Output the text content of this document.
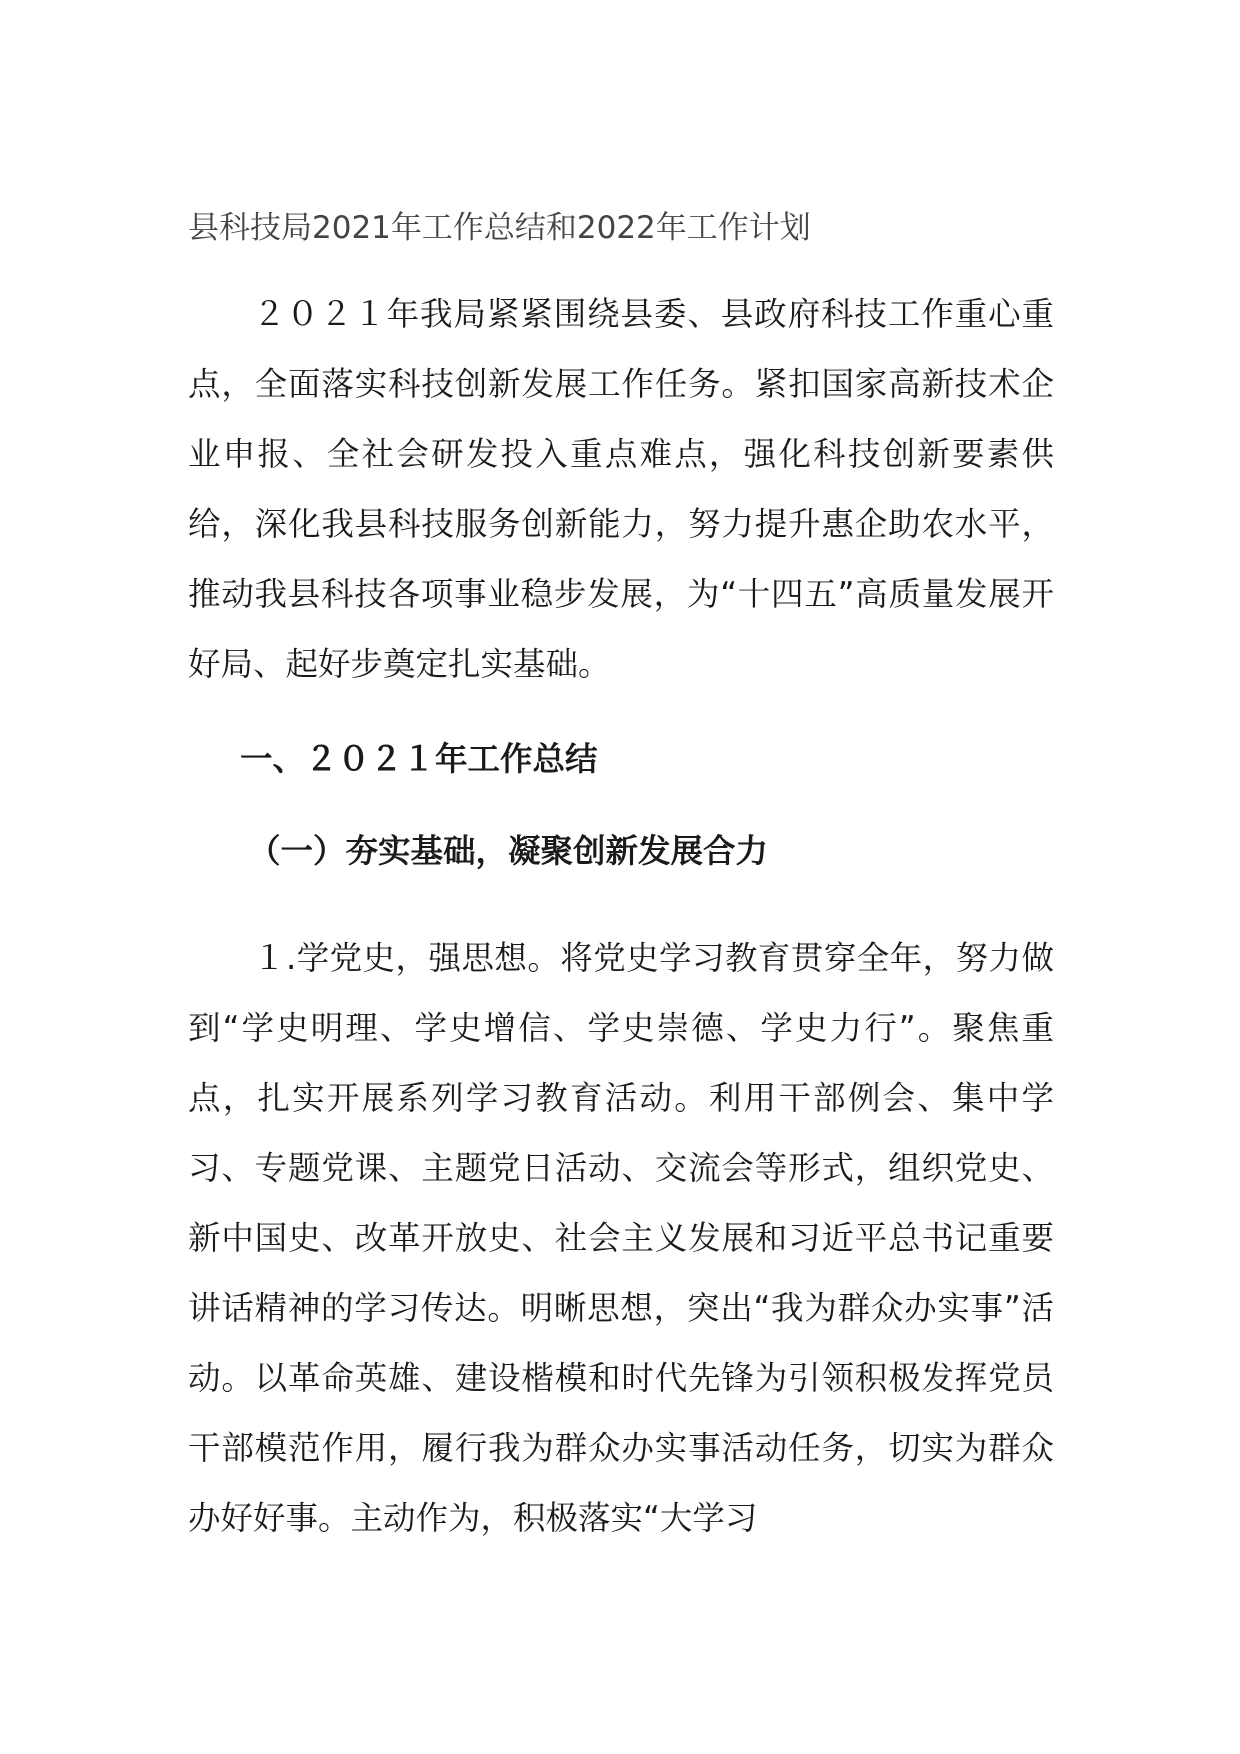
县科技局2021年工作总结和2022年工作计划

２０２１年我局紧紧围绕县委、县政府科技工作重心重点，全面落实科技创新发展工作任务。紧扣国家高新技术企业申报、全社会研发投入重点难点，强化科技创新要素供给，深化我县科技服务创新能力，努力提升惠企助农水平，推动我县科技各项事业稳步发展，为“十四五”高质量发展开好局、起好步奠定扎实基础。

一、２０２１年工作总结
（一）夯实基础，凝聚创新发展合力

１.学党史，强思想。将党史学习教育贯穿全年，努力做到“学史明理、学史增信、学史崇德、学史力行”。聚焦重点，扎实开展系列学习教育活动。利用干部例会、集中学习、专题党课、主题党日活动、交流会等形式，组织党史、新中国史、改革开放史、社会主义发展和习近平总书记重要讲话精神的学习传达。明晰思想，突出“我为群众办实事”活动。以革命英雄、建设楷模和时代先锋为引领积极发挥党员干部模范作用，履行我为群众办实事活动任务，切实为群众办好好事。主动作为，积极落实“大学习
